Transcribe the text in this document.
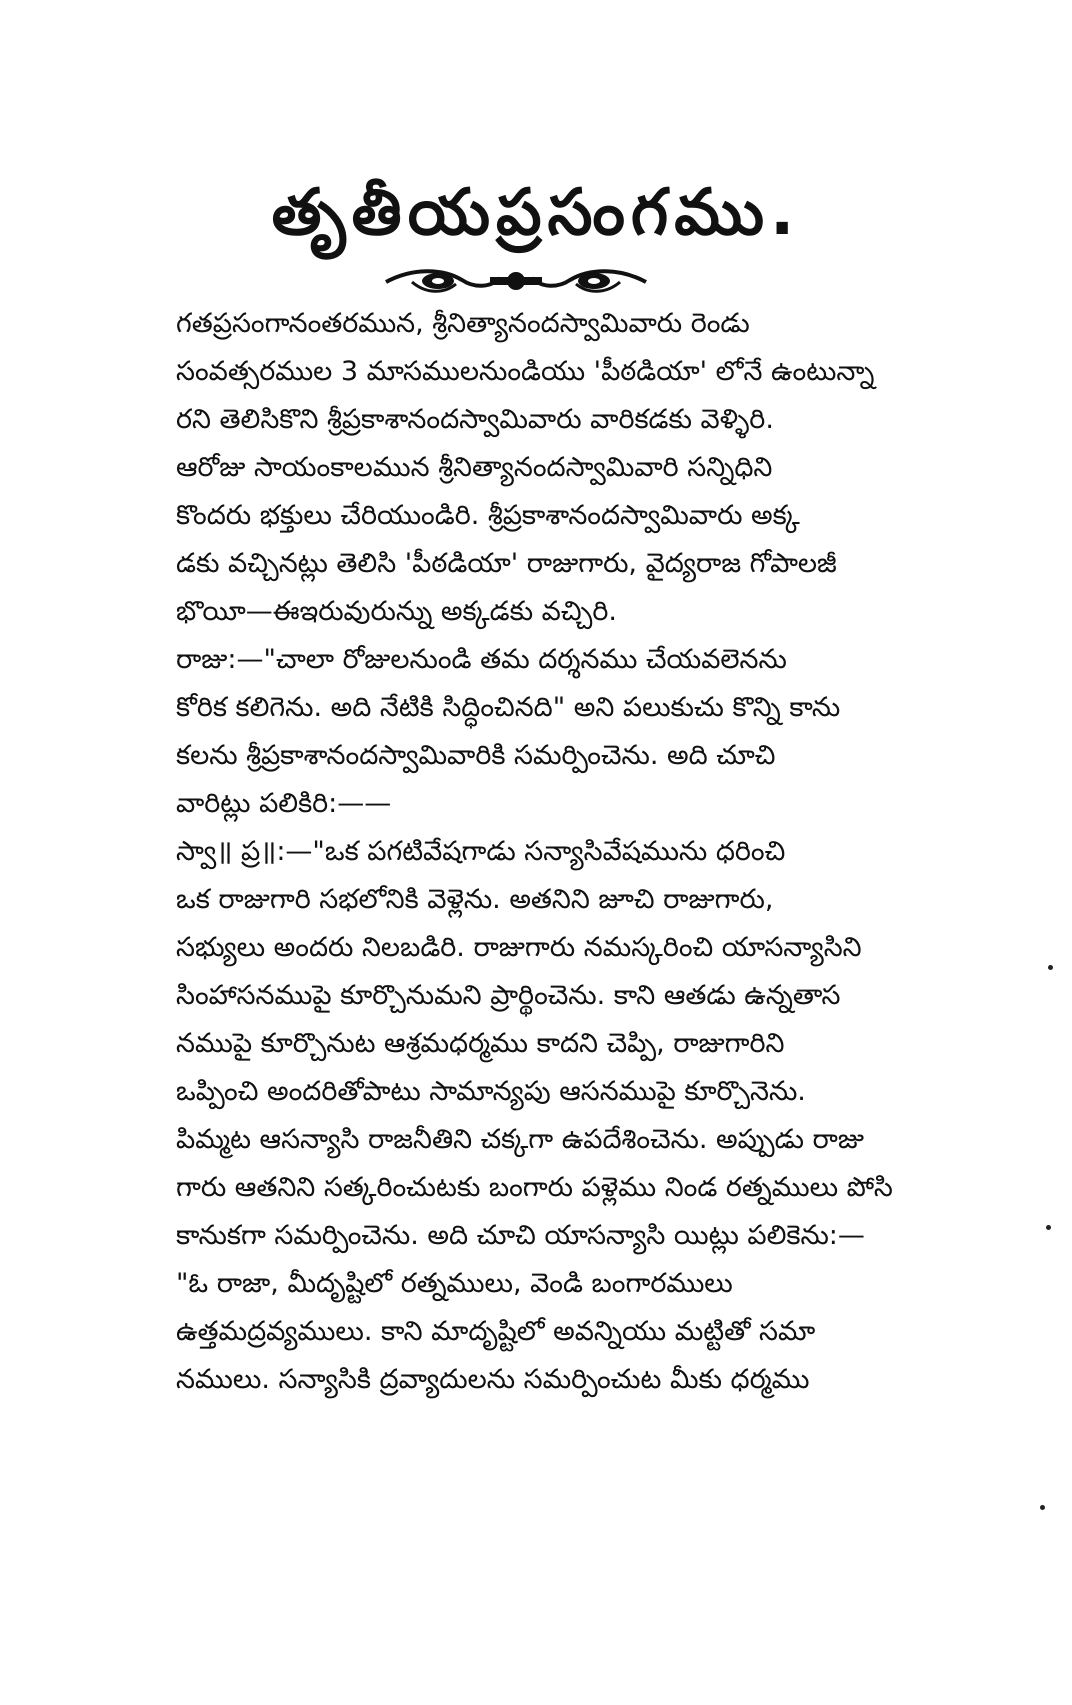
తృతీయప్రసంగము.

గతప్రసంగానంతరమున, శ్రీనిత్యానందస్వామివారు రెండు
సంవత్సరముల 3 మాసములనుండియు 'పీఠడియా' లోనే ఉంటున్నా
రని తెలిసికొని శ్రీప్రకాశానందస్వామివారు వారికడకు వెళ్ళిరి.
ఆరోజు సాయంకాలమున శ్రీనిత్యానందస్వామివారి సన్నిధిని
కొందరు భక్తులు చేరియుండిరి. శ్రీప్రకాశానందస్వామివారు అక్క
డకు వచ్చినట్లు తెలిసి 'పీఠడియా' రాజుగారు, వైద్యరాజ గోపాలజీ
భొయీ—ఈఇరువురున్ను అక్కడకు వచ్చిరి.

రాజు:—"చాలా రోజులనుండి తమ దర్శనము చేయవలెనను
కోరిక కలిగెను. అది నేటికి సిద్ధించినది" అని పలుకుచు కొన్ని కాను
కలను శ్రీప్రకాశానందస్వామివారికి సమర్పించెను. అది చూచి
వారిట్లు పలికిరి:——

స్వా॥ ప్ర॥:—"ఒక పగటివేషగాడు సన్యాసివేషమును ధరించి
ఒక రాజుగారి సభలోనికి వెళ్లెను. అతనిని జూచి రాజుగారు,
సభ్యులు అందరు నిలబడిరి. రాజుగారు నమస్కరించి యాసన్యాసిని
సింహాసనముపై కూర్చొనుమని ప్రార్థించెను. కాని ఆతడు ఉన్నతాస
నముపై కూర్చొనుట ఆశ్రమధర్మము కాదని చెప్పి, రాజుగారిని
ఒప్పించి అందరితోపాటు సామాన్యపు ఆసనముపై కూర్చొనెను.
పిమ్మట ఆసన్యాసి రాజనీతిని చక్కగా ఉపదేశించెను. అప్పుడు రాజు
గారు ఆతనిని సత్కరించుటకు బంగారు పళ్లెము నిండ రత్నములు పోసి
కానుకగా సమర్పించెను. అది చూచి యాసన్యాసి యిట్లు పలికెను:—

"ఓ రాజా, మీదృష్టిలో రత్నములు, వెండి బంగారములు
ఉత్తమద్రవ్యములు. కాని మాదృష్టిలో అవన్నియు మట్టితో సమా
నములు. సన్యాసికి ద్రవ్యాదులను సమర్పించుట మీకు ధర్మము
